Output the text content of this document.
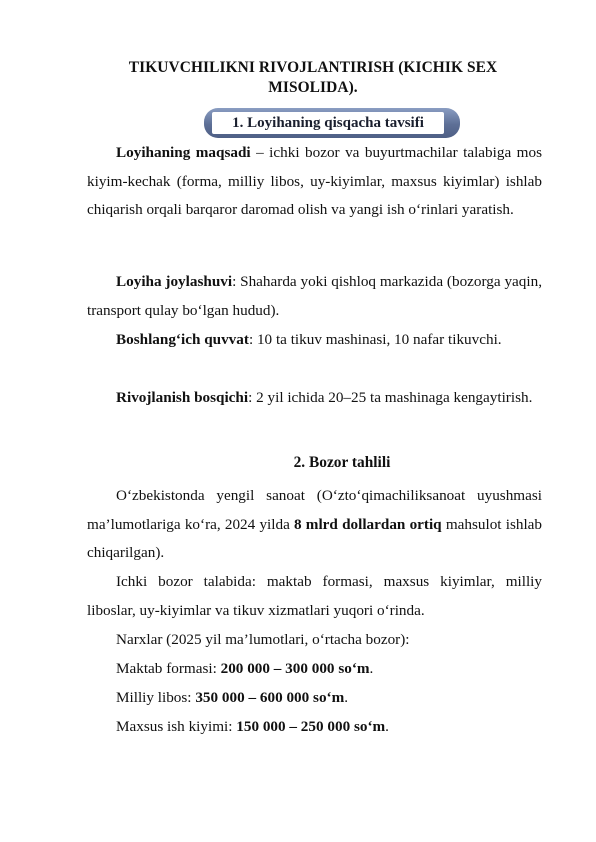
TIKUVCHILIKNI RIVOJLANTIRISH (KICHIK SEX MISOLIDA).
1. Loyihaning qisqacha tavsifi
Loyihaning maqsadi – ichki bozor va buyurtmachilar talabiga mos kiyim-kechak (forma, milliy libos, uy-kiyimlar, maxsus kiyimlar) ishlab chiqarish orqali barqaror daromad olish va yangi ish o‘rinlari yaratish.
Loyiha joylashuvi: Shaharda yoki qishloq markazida (bozorga yaqin, transport qulay bo‘lgan hudud).
Boshlang‘ich quvvat: 10 ta tikuv mashinasi, 10 nafar tikuvchi.
Rivojlanish bosqichi: 2 yil ichida 20–25 ta mashinaga kengaytirish.
2. Bozor tahlili
O‘zbekistonda yengil sanoat (O‘zto‘qimachiliksanoat uyushmasi ma’lumotlariga ko‘ra, 2024 yilda 8 mlrd dollardan ortiq mahsulot ishlab chiqarilgan).
Ichki bozor talabida: maktab formasi, maxsus kiyimlar, milliy liboslar, uy-kiyimlar va tikuv xizmatlari yuqori o‘rinda.
Narxlar (2025 yil ma’lumotlari, o‘rtacha bozor):
Maktab formasi: 200 000 – 300 000 so‘m.
Milliy libos: 350 000 – 600 000 so‘m.
Maxsus ish kiyimi: 150 000 – 250 000 so‘m.
